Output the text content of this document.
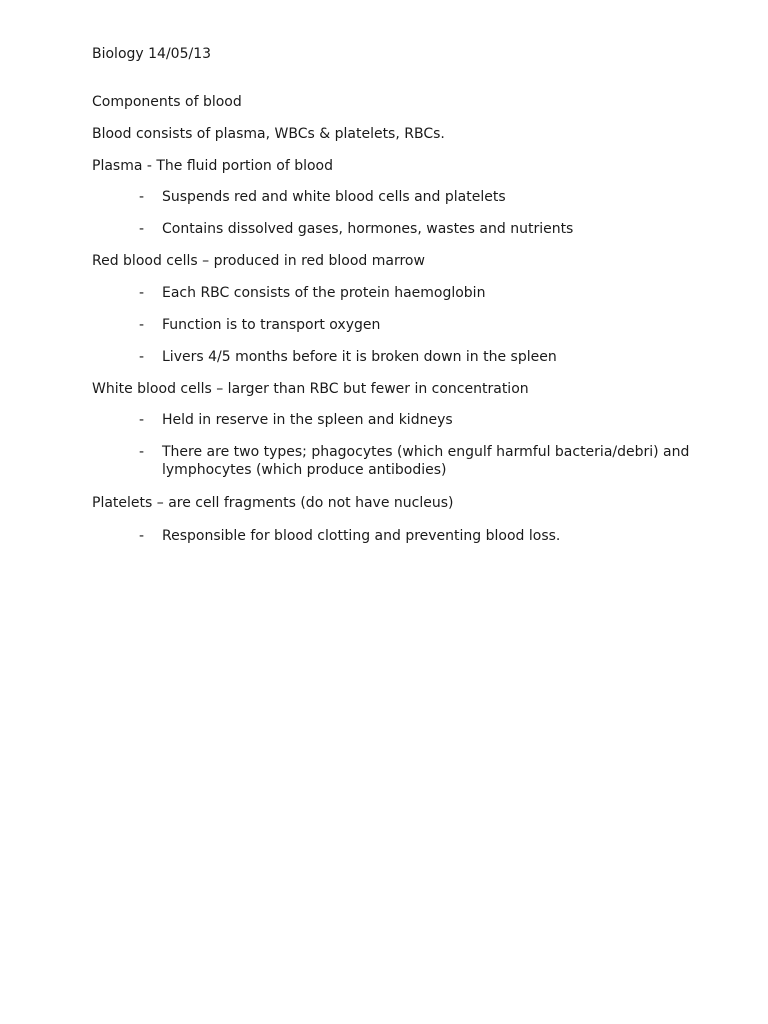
Biology 14/05/13
Components of blood
Blood consists of plasma, WBCs & platelets, RBCs.
Plasma - The fluid portion of blood
- Suspends red and white blood cells and platelets
- Contains dissolved gases, hormones, wastes and nutrients
Red blood cells – produced in red blood marrow
- Each RBC consists of the protein haemoglobin
- Function is to transport oxygen
- Livers 4/5 months before it is broken down in the spleen
White blood cells – larger than RBC but fewer in concentration
- Held in reserve in the spleen and kidneys
- There are two types; phagocytes (which engulf harmful bacteria/debri) and lymphocytes (which produce antibodies)
Platelets – are cell fragments (do not have nucleus)
- Responsible for blood clotting and preventing blood loss.
